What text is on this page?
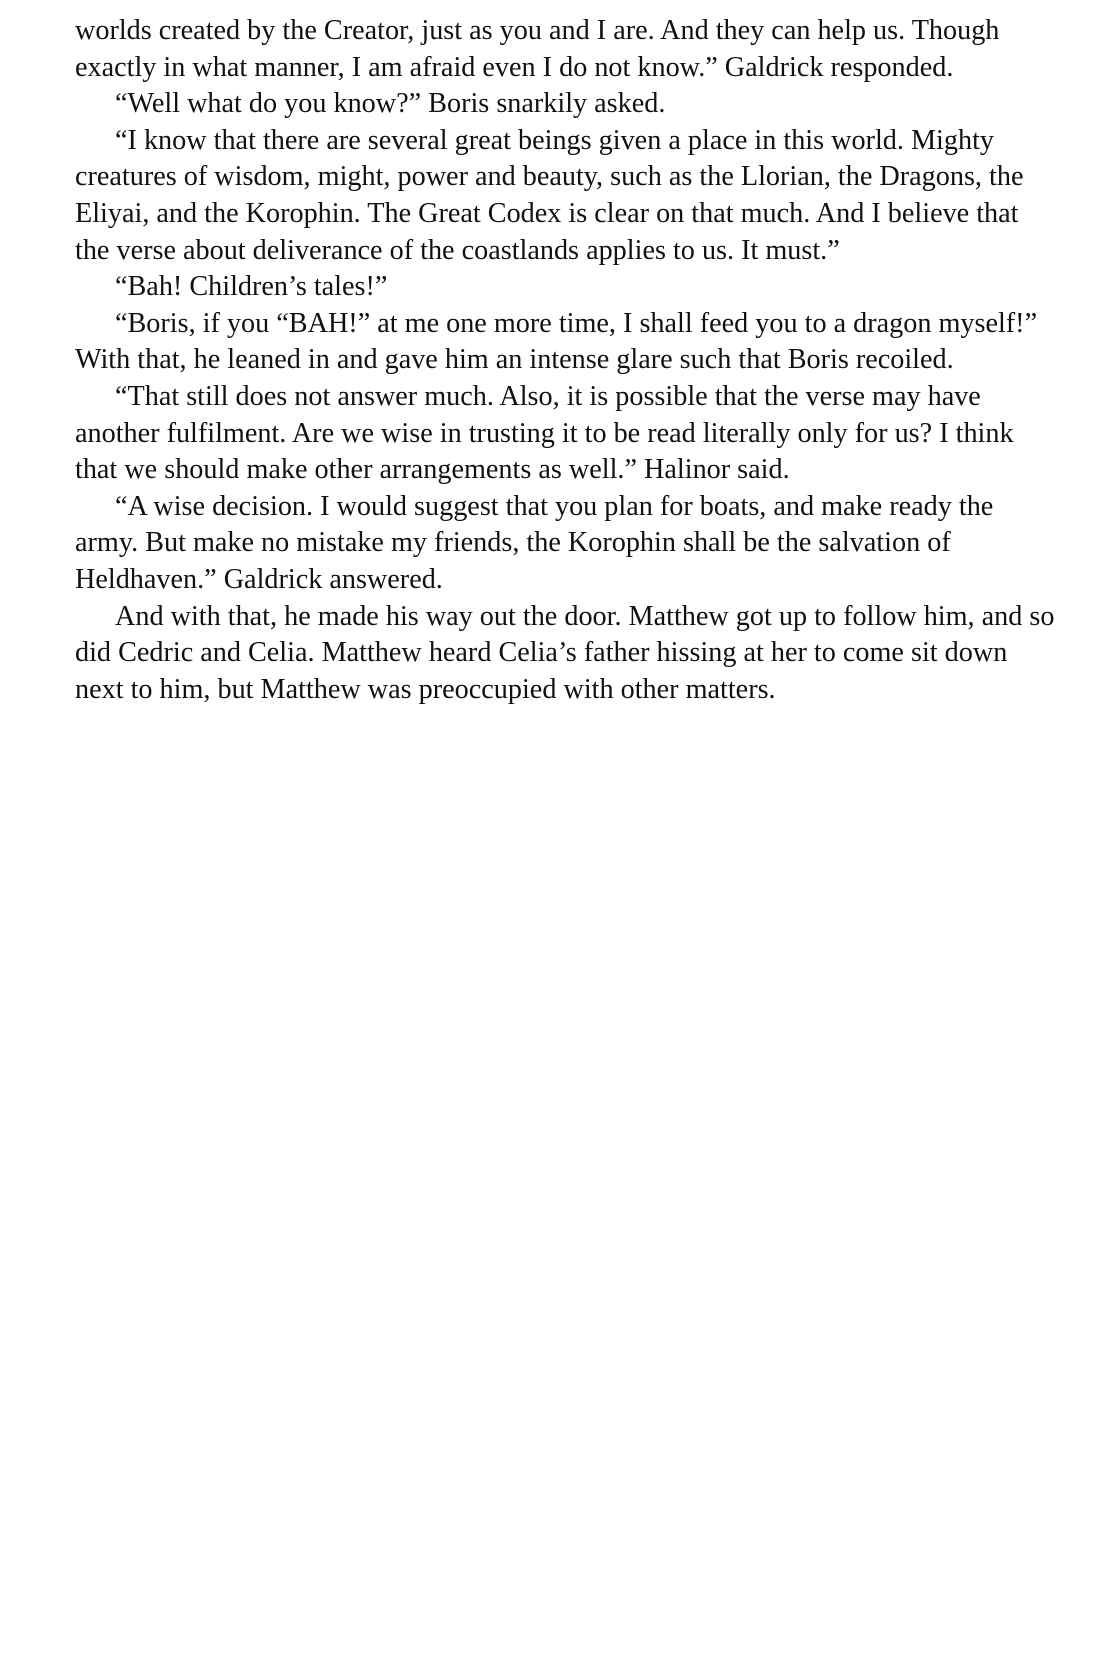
worlds created by the Creator, just as you and I are. And they can help us. Though exactly in what manner, I am afraid even I do not know.” Galdrick responded.

“Well what do you know?” Boris snarkily asked.

“I know that there are several great beings given a place in this world. Mighty creatures of wisdom, might, power and beauty, such as the Llorian, the Dragons, the Eliyai, and the Korophin. The Great Codex is clear on that much. And I believe that the verse about deliverance of the coastlands applies to us. It must.”

“Bah! Children’s tales!”

“Boris, if you “BAH!” at me one more time, I shall feed you to a dragon myself!” With that, he leaned in and gave him an intense glare such that Boris recoiled.

“That still does not answer much. Also, it is possible that the verse may have another fulfilment. Are we wise in trusting it to be read literally only for us? I think that we should make other arrangements as well.” Halinor said.

“A wise decision. I would suggest that you plan for boats, and make ready the army. But make no mistake my friends, the Korophin shall be the salvation of Heldhaven.” Galdrick answered.

And with that, he made his way out the door. Matthew got up to follow him, and so did Cedric and Celia. Matthew heard Celia’s father hissing at her to come sit down next to him, but Matthew was preoccupied with other matters.
